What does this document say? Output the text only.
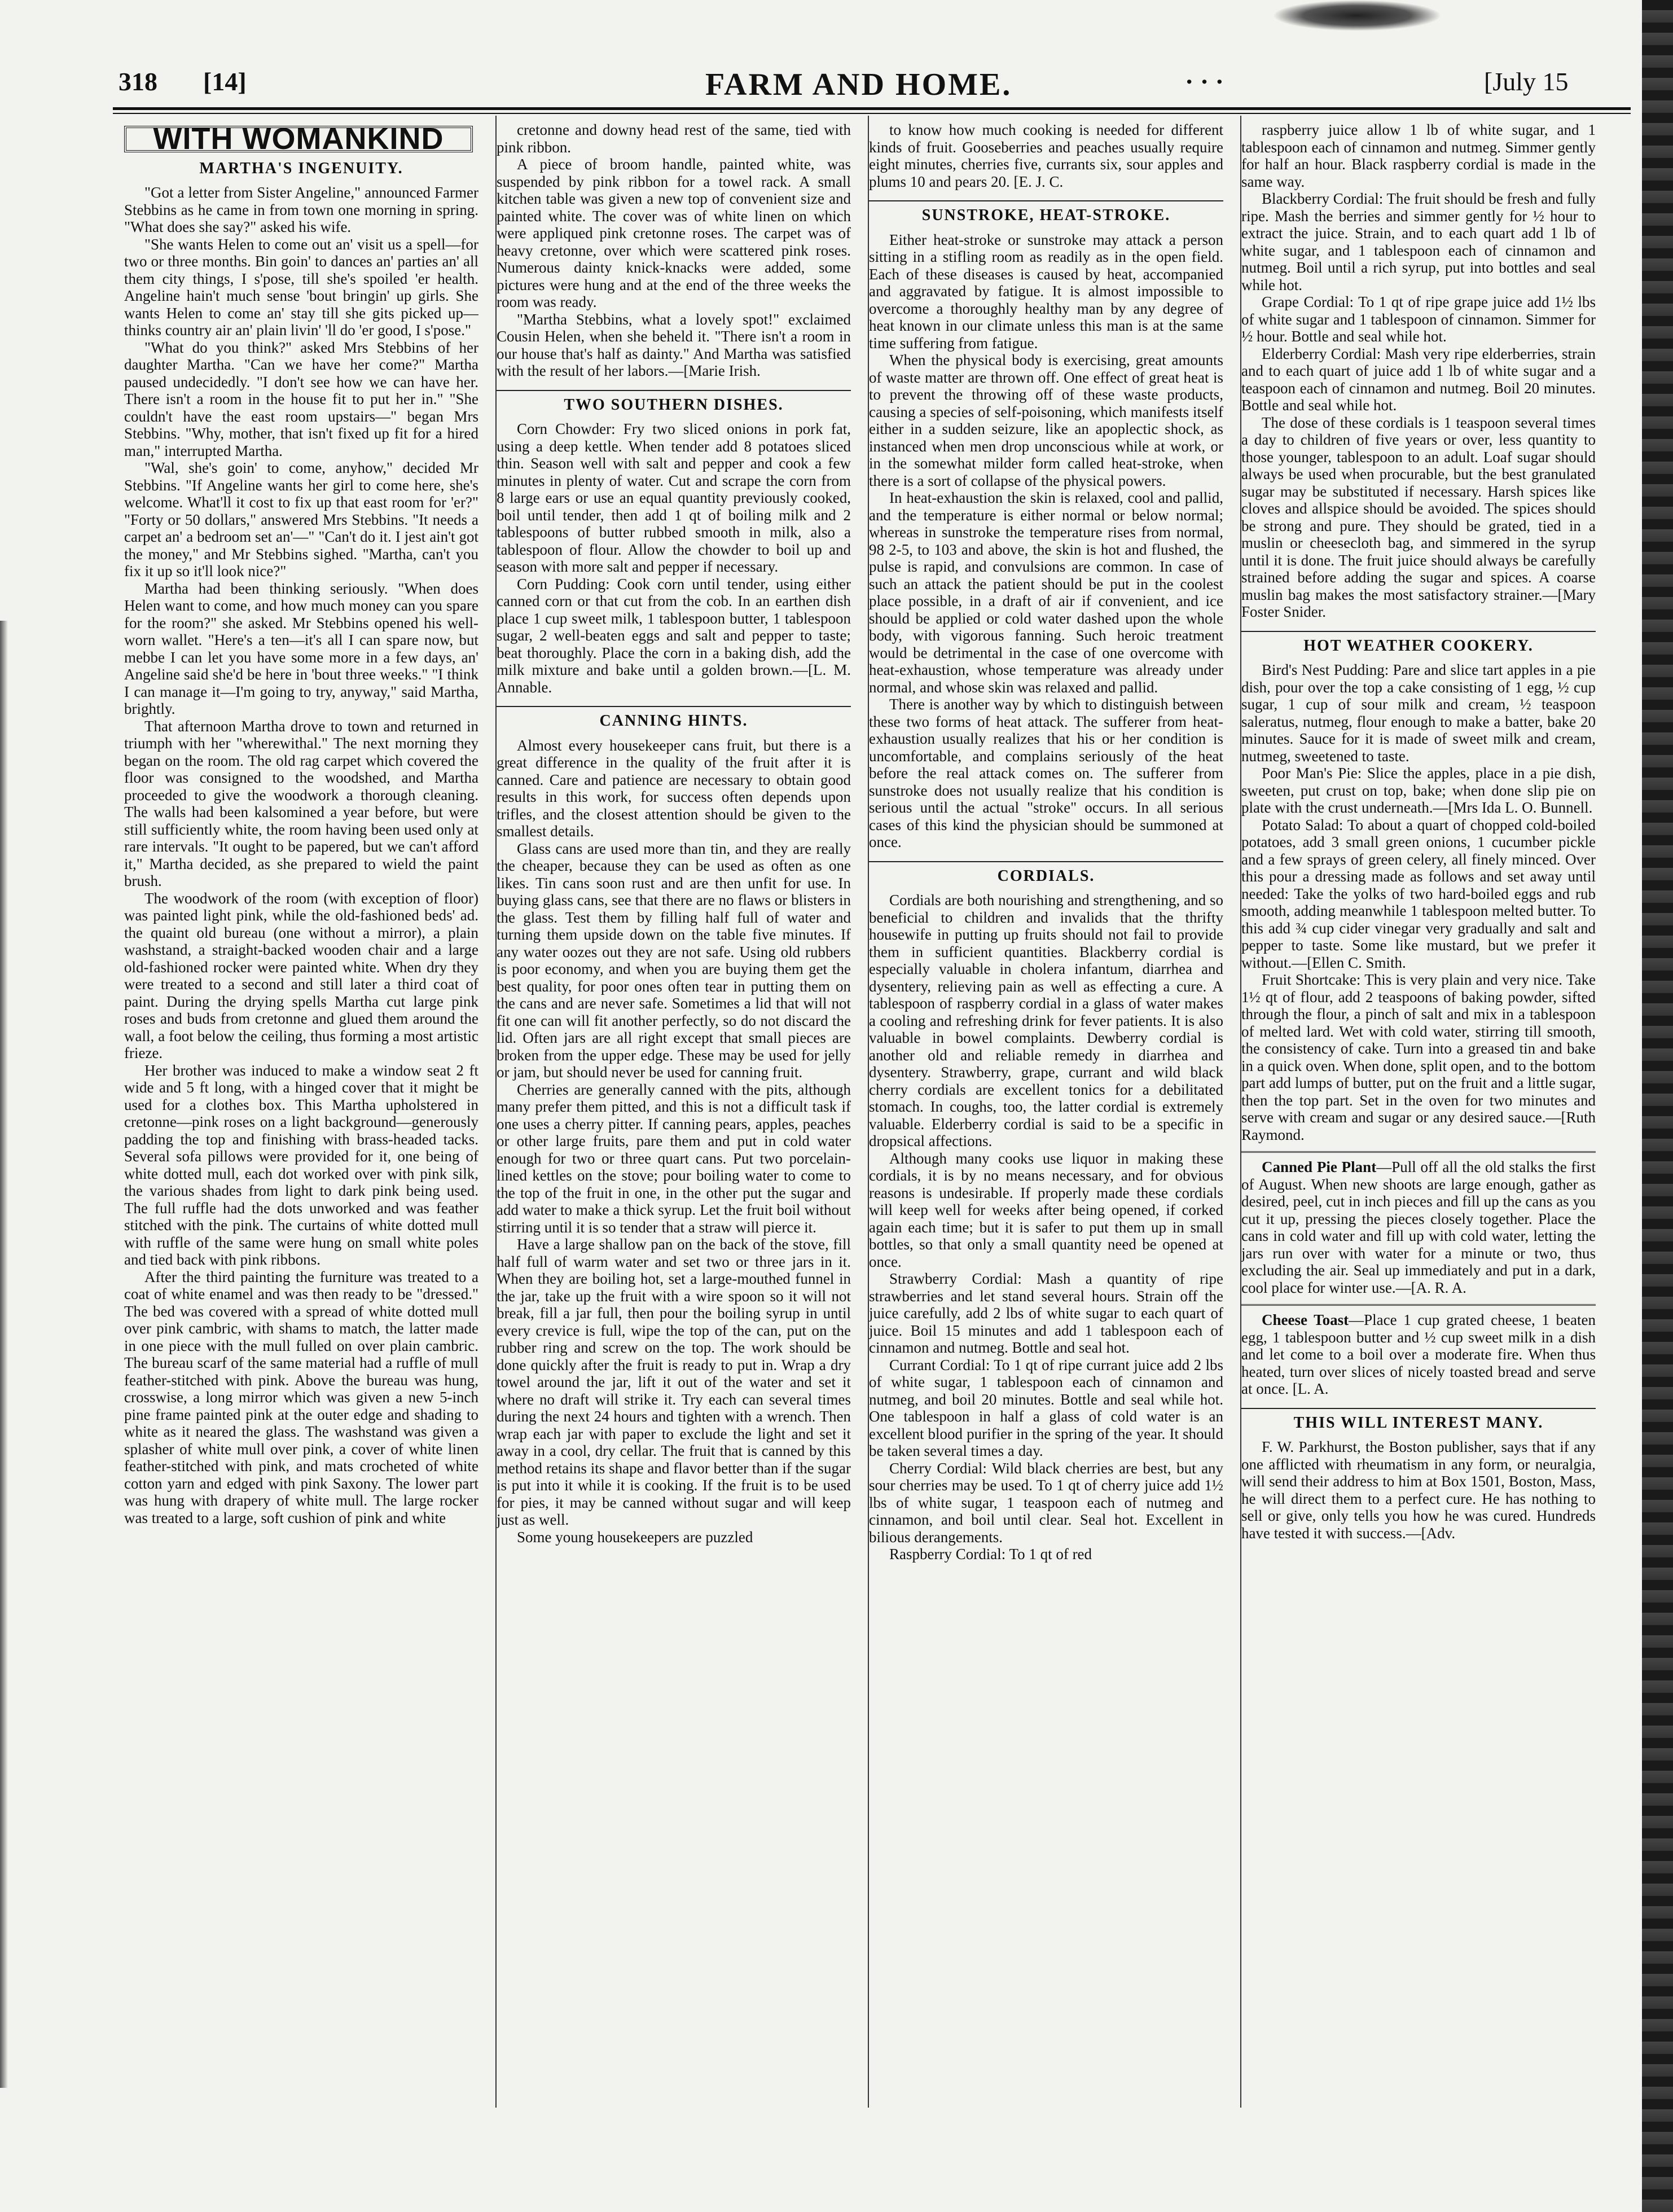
318 [14]	FARM AND HOME.	· · ·	[July 15
WITH WOMANKIND
MARTHA'S INGENUITY.

"Got a letter from Sister Angeline," announced Farmer Stebbins as he came in from town one morning in spring. "What does she say?" asked his wife.

"She wants Helen to come out an' visit us a spell—for two or three months. Bin goin' to dances an' parties an' all them city things, I s'pose, till she's spoiled 'er health. Angeline hain't much sense 'bout bringin' up girls. She wants Helen to come an' stay till she gits picked up—thinks country air an' plain livin' 'll do 'er good, I s'pose."

"What do you think?" asked Mrs Stebbins of her daughter Martha. "Can we have her come?" Martha paused undecidedly. "I don't see how we can have her. There isn't a room in the house fit to put her in." "She couldn't have the east room upstairs—" began Mrs Stebbins. "Why, mother, that isn't fixed up fit for a hired man," interrupted Martha.

"Wal, she's goin' to come, anyhow," decided Mr Stebbins. "If Angeline wants her girl to come here, she's welcome. What'll it cost to fix up that east room for 'er?" "Forty or 50 dollars," answered Mrs Stebbins. "It needs a carpet an' a bedroom set an'—" "Can't do it. I jest ain't got the money," and Mr Stebbins sighed. "Martha, can't you fix it up so it'll look nice?"

Martha had been thinking seriously. "When does Helen want to come, and how much money can you spare for the room?" she asked. Mr Stebbins opened his well-worn wallet. "Here's a ten—it's all I can spare now, but mebbe I can let you have some more in a few days, an' Angeline said she'd be here in 'bout three weeks." "I think I can manage it—I'm going to try, anyway," said Martha, brightly.

That afternoon Martha drove to town and returned in triumph with her "wherewithal." The next morning they began on the room. The old rag carpet which covered the floor was consigned to the woodshed, and Martha proceeded to give the woodwork a thorough cleaning. The walls had been kalsomined a year before, but were still sufficiently white, the room having been used only at rare intervals. "It ought to be papered, but we can't afford it," Martha decided, as she prepared to wield the paint brush.

The woodwork of the room (with exception of floor) was painted light pink, while the old-fashioned beds' ad. the quaint old bureau (one without a mirror), a plain washstand, a straight-backed wooden chair and a large old-fashioned rocker were painted white. When dry they were treated to a second and still later a third coat of paint. During the drying spells Martha cut large pink roses and buds from cretonne and glued them around the wall, a foot below the ceiling, thus forming a most artistic frieze.

Her brother was induced to make a window seat 2 ft wide and 5 ft long, with a hinged cover that it might be used for a clothes box. This Martha upholstered in cretonne—pink roses on a light background—generously padding the top and finishing with brass-headed tacks. Several sofa pillows were provided for it, one being of white dotted mull, each dot worked over with pink silk, the various shades from light to dark pink being used. The full ruffle had the dots unworked and was feather stitched with the pink. The curtains of white dotted mull with ruffle of the same were hung on small white poles and tied back with pink ribbons.

After the third painting the furniture was treated to a coat of white enamel and was then ready to be "dressed." The bed was covered with a spread of white dotted mull over pink cambric, with shams to match, the latter made in one piece with the mull fulled on over plain cambric. The bureau scarf of the same material had a ruffle of mull feather-stitched with pink. Above the bureau was hung, crosswise, a long mirror which was given a new 5-inch pine frame painted pink at the outer edge and shading to white as it neared the glass. The washstand was given a splasher of white mull over pink, a cover of white linen feather-stitched with pink, and mats crocheted of white cotton yarn and edged with pink Saxony. The lower part was hung with drapery of white mull. The large rocker was treated to a large, soft cushion of pink and white

cretonne and downy head rest of the same, tied with pink ribbon.

A piece of broom handle, painted white, was suspended by pink ribbon for a towel rack. A small kitchen table was given a new top of convenient size and painted white. The cover was of white linen on which were appliqued pink cretonne roses. The carpet was of heavy cretonne, over which were scattered pink roses. Numerous dainty knick-knacks were added, some pictures were hung and at the end of the three weeks the room was ready.

"Martha Stebbins, what a lovely spot!" exclaimed Cousin Helen, when she beheld it. "There isn't a room in our house that's half as dainty." And Martha was satisfied with the result of her labors.—[Marie Irish.

TWO SOUTHERN DISHES.

Corn Chowder: Fry two sliced onions in pork fat, using a deep kettle. When tender add 8 potatoes sliced thin. Season well with salt and pepper and cook a few minutes in plenty of water. Cut and scrape the corn from 8 large ears or use an equal quantity previously cooked, boil until tender, then add 1 qt of boiling milk and 2 tablespoons of butter rubbed smooth in milk, also a tablespoon of flour. Allow the chowder to boil up and season with more salt and pepper if necessary.

Corn Pudding: Cook corn until tender, using either canned corn or that cut from the cob. In an earthen dish place 1 cup sweet milk, 1 tablespoon butter, 1 tablespoon sugar, 2 well-beaten eggs and salt and pepper to taste; beat thoroughly. Place the corn in a baking dish, add the milk mixture and bake until a golden brown.—[L. M. Annable.

CANNING HINTS.

Almost every housekeeper cans fruit, but there is a great difference in the quality of the fruit after it is canned. Care and patience are necessary to obtain good results in this work, for success often depends upon trifles, and the closest attention should be given to the smallest details.

Glass cans are used more than tin, and they are really the cheaper, because they can be used as often as one likes. Tin cans soon rust and are then unfit for use. In buying glass cans, see that there are no flaws or blisters in the glass. Test them by filling half full of water and turning them upside down on the table five minutes. If any water oozes out they are not safe. Using old rubbers is poor economy, and when you are buying them get the best quality, for poor ones often tear in putting them on the cans and are never safe. Sometimes a lid that will not fit one can will fit another perfectly, so do not discard the lid. Often jars are all right except that small pieces are broken from the upper edge. These may be used for jelly or jam, but should never be used for canning fruit.

Cherries are generally canned with the pits, although many prefer them pitted, and this is not a difficult task if one uses a cherry pitter. If canning pears, apples, peaches or other large fruits, pare them and put in cold water enough for two or three quart cans. Put two porcelain-lined kettles on the stove; pour boiling water to come to the top of the fruit in one, in the other put the sugar and add water to make a thick syrup. Let the fruit boil without stirring until it is so tender that a straw will pierce it.

Have a large shallow pan on the back of the stove, fill half full of warm water and set two or three jars in it. When they are boiling hot, set a large-mouthed funnel in the jar, take up the fruit with a wire spoon so it will not break, fill a jar full, then pour the boiling syrup in until every crevice is full, wipe the top of the can, put on the rubber ring and screw on the top. The work should be done quickly after the fruit is ready to put in. Wrap a dry towel around the jar, lift it out of the water and set it where no draft will strike it. Try each can several times during the next 24 hours and tighten with a wrench. Then wrap each jar with paper to exclude the light and set it away in a cool, dry cellar. The fruit that is canned by this method retains its shape and flavor better than if the sugar is put into it while it is cooking. If the fruit is to be used for pies, it may be canned without sugar and will keep just as well.

Some young housekeepers are puzzled

to know how much cooking is needed for different kinds of fruit. Gooseberries and peaches usually require eight minutes, cherries five, currants six, sour apples and plums 10 and pears 20. [E. J. C.

SUNSTROKE, HEAT-STROKE.

Either heat-stroke or sunstroke may attack a person sitting in a stifling room as readily as in the open field. Each of these diseases is caused by heat, accompanied and aggravated by fatigue. It is almost impossible to overcome a thoroughly healthy man by any degree of heat known in our climate unless this man is at the same time suffering from fatigue.

When the physical body is exercising, great amounts of waste matter are thrown off. One effect of great heat is to prevent the throwing off of these waste products, causing a species of self-poisoning, which manifests itself either in a sudden seizure, like an apoplectic shock, as instanced when men drop unconscious while at work, or in the somewhat milder form called heat-stroke, when there is a sort of collapse of the physical powers.

In heat-exhaustion the skin is relaxed, cool and pallid, and the temperature is either normal or below normal; whereas in sunstroke the temperature rises from normal, 98 2-5, to 103 and above, the skin is hot and flushed, the pulse is rapid, and convulsions are common. In case of such an attack the patient should be put in the coolest place possible, in a draft of air if convenient, and ice should be applied or cold water dashed upon the whole body, with vigorous fanning. Such heroic treatment would be detrimental in the case of one overcome with heat-exhaustion, whose temperature was already under normal, and whose skin was relaxed and pallid.

There is another way by which to distinguish between these two forms of heat attack. The sufferer from heat-exhaustion usually realizes that his or her condition is uncomfortable, and complains seriously of the heat before the real attack comes on. The sufferer from sunstroke does not usually realize that his condition is serious until the actual "stroke" occurs. In all serious cases of this kind the physician should be summoned at once.

CORDIALS.

Cordials are both nourishing and strengthening, and so beneficial to children and invalids that the thrifty housewife in putting up fruits should not fail to provide them in sufficient quantities. Blackberry cordial is especially valuable in cholera infantum, diarrhea and dysentery, relieving pain as well as effecting a cure. A tablespoon of raspberry cordial in a glass of water makes a cooling and refreshing drink for fever patients. It is also valuable in bowel complaints. Dewberry cordial is another old and reliable remedy in diarrhea and dysentery. Strawberry, grape, currant and wild black cherry cordials are excellent tonics for a debilitated stomach. In coughs, too, the latter cordial is extremely valuable. Elderberry cordial is said to be a specific in dropsical affections.

Although many cooks use liquor in making these cordials, it is by no means necessary, and for obvious reasons is undesirable. If properly made these cordials will keep well for weeks after being opened, if corked again each time; but it is safer to put them up in small bottles, so that only a small quantity need be opened at once.

Strawberry Cordial: Mash a quantity of ripe strawberries and let stand several hours. Strain off the juice carefully, add 2 lbs of white sugar to each quart of juice. Boil 15 minutes and add 1 tablespoon each of cinnamon and nutmeg. Bottle and seal hot.

Currant Cordial: To 1 qt of ripe currant juice add 2 lbs of white sugar, 1 tablespoon each of cinnamon and nutmeg, and boil 20 minutes. Bottle and seal while hot. One tablespoon in half a glass of cold water is an excellent blood purifier in the spring of the year. It should be taken several times a day.

Cherry Cordial: Wild black cherries are best, but any sour cherries may be used. To 1 qt of cherry juice add 1½ lbs of white sugar, 1 teaspoon each of nutmeg and cinnamon, and boil until clear. Seal hot. Excellent in bilious derangements.

Raspberry Cordial: To 1 qt of red

raspberry juice allow 1 lb of white sugar, and 1 tablespoon each of cinnamon and nutmeg. Simmer gently for half an hour. Black raspberry cordial is made in the same way.

Blackberry Cordial: The fruit should be fresh and fully ripe. Mash the berries and simmer gently for ½ hour to extract the juice. Strain, and to each quart add 1 lb of white sugar, and 1 tablespoon each of cinnamon and nutmeg. Boil until a rich syrup, put into bottles and seal while hot.

Grape Cordial: To 1 qt of ripe grape juice add 1½ lbs of white sugar and 1 tablespoon of cinnamon. Simmer for ½ hour. Bottle and seal while hot.

Elderberry Cordial: Mash very ripe elderberries, strain and to each quart of juice add 1 lb of white sugar and a teaspoon each of cinnamon and nutmeg. Boil 20 minutes. Bottle and seal while hot.

The dose of these cordials is 1 teaspoon several times a day to children of five years or over, less quantity to those younger, tablespoon to an adult. Loaf sugar should always be used when procurable, but the best granulated sugar may be substituted if necessary. Harsh spices like cloves and allspice should be avoided. The spices should be strong and pure. They should be grated, tied in a muslin or cheesecloth bag, and simmered in the syrup until it is done. The fruit juice should always be carefully strained before adding the sugar and spices. A coarse muslin bag makes the most satisfactory strainer.—[Mary Foster Snider.

HOT WEATHER COOKERY.

Bird's Nest Pudding: Pare and slice tart apples in a pie dish, pour over the top a cake consisting of 1 egg, ½ cup sugar, 1 cup of sour milk and cream, ½ teaspoon saleratus, nutmeg, flour enough to make a batter, bake 20 minutes. Sauce for it is made of sweet milk and cream, nutmeg, sweetened to taste.

Poor Man's Pie: Slice the apples, place in a pie dish, sweeten, put crust on top, bake; when done slip pie on plate with the crust underneath.—[Mrs Ida L. O. Bunnell.

Potato Salad: To about a quart of chopped cold-boiled potatoes, add 3 small green onions, 1 cucumber pickle and a few sprays of green celery, all finely minced. Over this pour a dressing made as follows and set away until needed: Take the yolks of two hard-boiled eggs and rub smooth, adding meanwhile 1 tablespoon melted butter. To this add ¾ cup cider vinegar very gradually and salt and pepper to taste. Some like mustard, but we prefer it without.—[Ellen C. Smith.

Fruit Shortcake: This is very plain and very nice. Take 1½ qt of flour, add 2 teaspoons of baking powder, sifted through the flour, a pinch of salt and mix in a tablespoon of melted lard. Wet with cold water, stirring till smooth, the consistency of cake. Turn into a greased tin and bake in a quick oven. When done, split open, and to the bottom part add lumps of butter, put on the fruit and a little sugar, then the top part. Set in the oven for two minutes and serve with cream and sugar or any desired sauce.—[Ruth Raymond.

Canned Pie Plant—Pull off all the old stalks the first of August. When new shoots are large enough, gather as desired, peel, cut in inch pieces and fill up the cans as you cut it up, pressing the pieces closely together. Place the cans in cold water and fill up with cold water, letting the jars run over with water for a minute or two, thus excluding the air. Seal up immediately and put in a dark, cool place for winter use.—[A. R. A.

Cheese Toast—Place 1 cup grated cheese, 1 beaten egg, 1 tablespoon butter and ½ cup sweet milk in a dish and let come to a boil over a moderate fire. When thus heated, turn over slices of nicely toasted bread and serve at once. [L. A.

THIS WILL INTEREST MANY.

F. W. Parkhurst, the Boston publisher, says that if any one afflicted with rheumatism in any form, or neuralgia, will send their address to him at Box 1501, Boston, Mass, he will direct them to a perfect cure. He has nothing to sell or give, only tells you how he was cured. Hundreds have tested it with success.—[Adv.
